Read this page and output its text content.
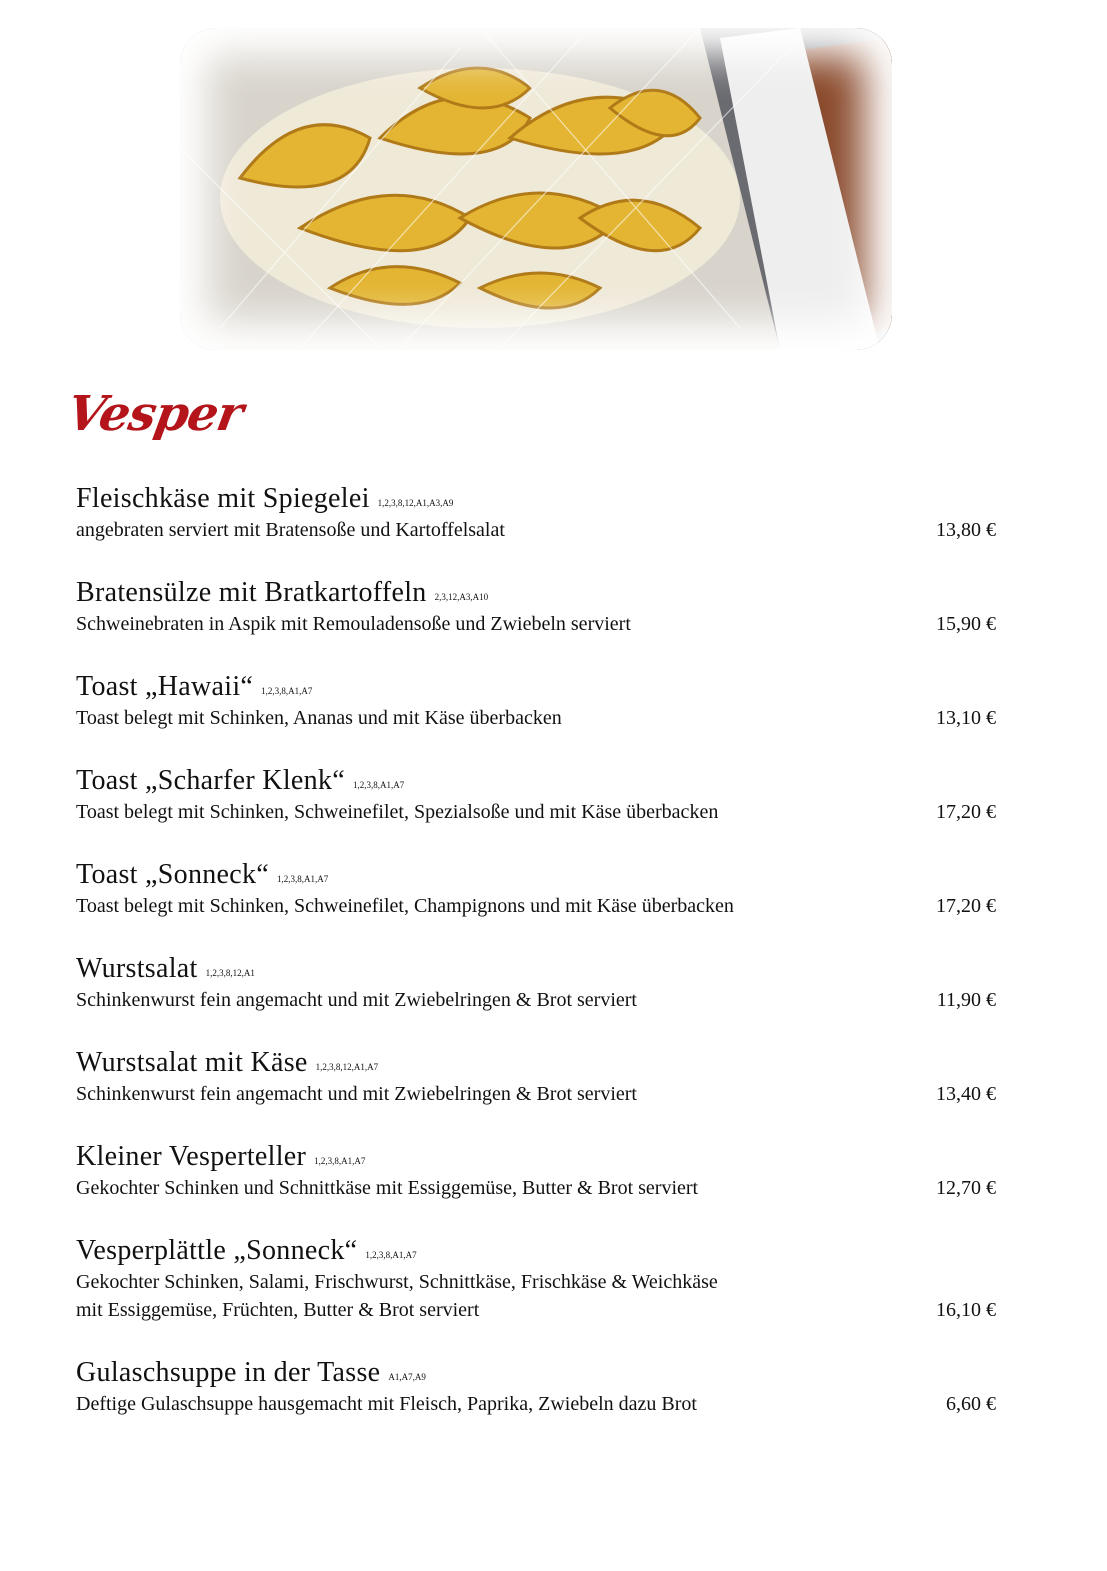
Vesper
Fleischkäse mit Spiegelei $^{1,2,3,8,12,A1,A3,A9}$
angebraten serviert mit Bratensoße und Kartoffelsalat	13,80 €
Bratensülze mit Bratkartoffeln $^{2,3,12,A3,A10}$
Schweinebraten in Aspik mit Remouladensoße und Zwiebeln serviert	15,90 €
Toast „Hawaii“ $^{1,2,3,8,A1,A7}$
Toast belegt mit Schinken, Ananas und mit Käse überbacken	13,10 €
Toast „Scharfer Klenk“ $^{1,2,3,8,A1,A7}$
Toast belegt mit Schinken, Schweinefilet, Spezialsoße und mit Käse überbacken	17,20 €
Toast „Sonneck“ $^{1,2,3,8,A1,A7}$
Toast belegt mit Schinken, Schweinefilet, Champignons und mit Käse überbacken	17,20 €
Wurstsalat $^{1,2,3,8,12,A1}$
Schinkenwurst fein angemacht und mit Zwiebelringen & Brot serviert	11,90 €
Wurstsalat mit Käse $^{1,2,3,8,12,A1,A7}$
Schinkenwurst fein angemacht und mit Zwiebelringen & Brot serviert	13,40 €
Kleiner Vesperteller $^{1,2,3,8,A1,A7}$
Gekochter Schinken und Schnittkäse mit Essiggemüse, Butter & Brot serviert	12,70 €
Vesperplättle „Sonneck“ $^{1,2,3,8,A1,A7}$
Gekochter Schinken, Salami, Frischwurst, Schnittkäse, Frischkäse & Weichkäse
mit Essiggemüse, Früchten, Butter & Brot serviert	16,10 €
Gulaschsuppe in der Tasse $^{A1,A7,A9}$
Deftige Gulaschsuppe hausgemacht mit Fleisch, Paprika, Zwiebeln dazu Brot	6,60 €
